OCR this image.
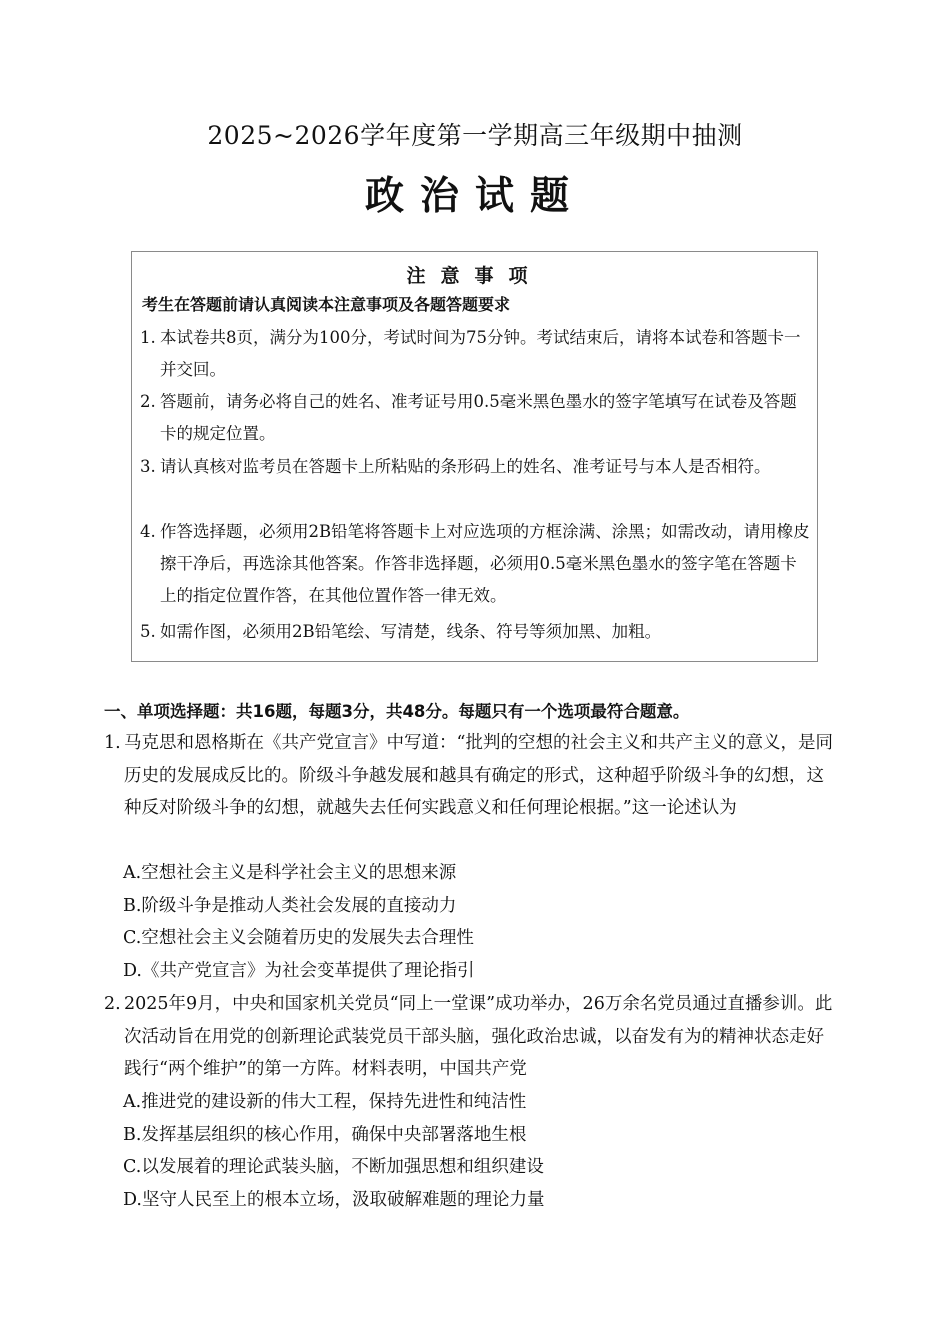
2025~2026学年度第一学期高三年级期中抽测
政治试题
注意事项
考生在答题前请认真阅读本注意事项及各题答题要求
1. 本试卷共8页，满分为100分，考试时间为75分钟。考试结束后，请将本试卷和答题卡一并交回。
2. 答题前，请务必将自己的姓名、准考证号用0.5毫米黑色墨水的签字笔填写在试卷及答题卡的规定位置。
3. 请认真核对监考员在答题卡上所粘贴的条形码上的姓名、准考证号与本人是否相符。
4. 作答选择题，必须用2B铅笔将答题卡上对应选项的方框涂满、涂黑；如需改动，请用橡皮擦干净后，再选涂其他答案。作答非选择题，必须用0.5毫米黑色墨水的签字笔在答题卡上的指定位置作答，在其他位置作答一律无效。
5. 如需作图，必须用2B铅笔绘、写清楚，线条、符号等须加黑、加粗。
一、单项选择题：共16题，每题3分，共48分。每题只有一个选项最符合题意。
1. 马克思和恩格斯在《共产党宣言》中写道：“批判的空想的社会主义和共产主义的意义，是同历史的发展成反比的。阶级斗争越发展和越具有确定的形式，这种超乎阶级斗争的幻想，这种反对阶级斗争的幻想，就越失去任何实践意义和任何理论根据。”这一论述认为
A.空想社会主义是科学社会主义的思想来源
B.阶级斗争是推动人类社会发展的直接动力
C.空想社会主义会随着历史的发展失去合理性
D.《共产党宣言》为社会变革提供了理论指引
2. 2025年9月，中央和国家机关党员“同上一堂课”成功举办，26万余名党员通过直播参训。此次活动旨在用党的创新理论武装党员干部头脑，强化政治忠诚，以奋发有为的精神状态走好践行“两个维护”的第一方阵。材料表明，中国共产党
A.推进党的建设新的伟大工程，保持先进性和纯洁性
B.发挥基层组织的核心作用，确保中央部署落地生根
C.以发展着的理论武装头脑，不断加强思想和组织建设
D.坚守人民至上的根本立场，汲取破解难题的理论力量
